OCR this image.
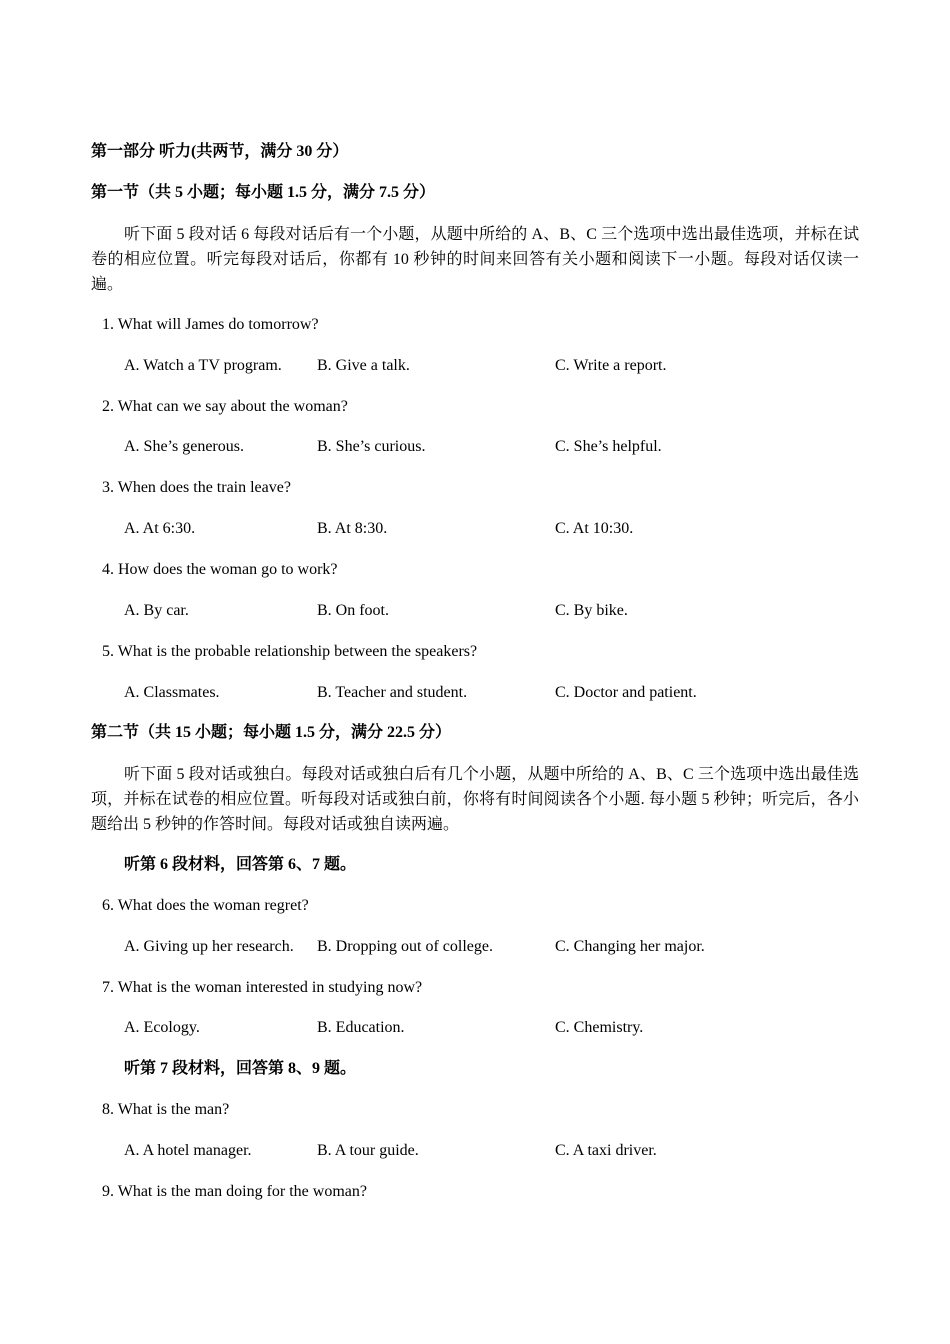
第一部分 听力(共两节，满分 30 分）
第一节（共 5 小题；每小题 1.5 分，满分 7.5 分）
听下面 5 段对话 6 每段对话后有一个小题，从题中所给的 A、B、C 三个选项中选出最佳选项，并标在试卷的相应位置。听完每段对话后，你都有 10 秒钟的时间来回答有关小题和阅读下一小题。每段对话仅读一遍。
1. What will James do tomorrow?
A. Watch a TV program. B. Give a talk.	C. Write a report.
2. What can we say about the woman?
A. She’s generous.	B. She’s curious.	C. She’s helpful.
3. When does the train leave?
A. At 6:30.	B. At 8:30.	C. At 10:30.
4. How does the woman go to work?
A. By car.	B. On foot.	C. By bike.
5. What is the probable relationship between the speakers?
A. Classmates.	B. Teacher and student.	C. Doctor and patient.
第二节（共 15 小题；每小题 1.5 分，满分 22.5 分）
听下面 5 段对话或独白。每段对话或独白后有几个小题，从题中所给的 A、B、C 三个选项中选出最佳选项，并标在试卷的相应位置。听每段对话或独白前，你将有时间阅读各个小题. 每小题 5 秒钟；听完后，各小题给出 5 秒钟的作答时间。每段对话或独自读两遍。
听第 6 段材料，回答第 6、7 题。
6. What does the woman regret?
A. Giving up her research. B. Dropping out of college.	C. Changing her major.
7. What is the woman interested in studying now?
A. Ecology.	B. Education.	C. Chemistry.
听第 7 段材料，回答第 8、9 题。
8. What is the man?
A. A hotel manager.	B. A tour guide.	C. A taxi driver.
9. What is the man doing for the woman?
